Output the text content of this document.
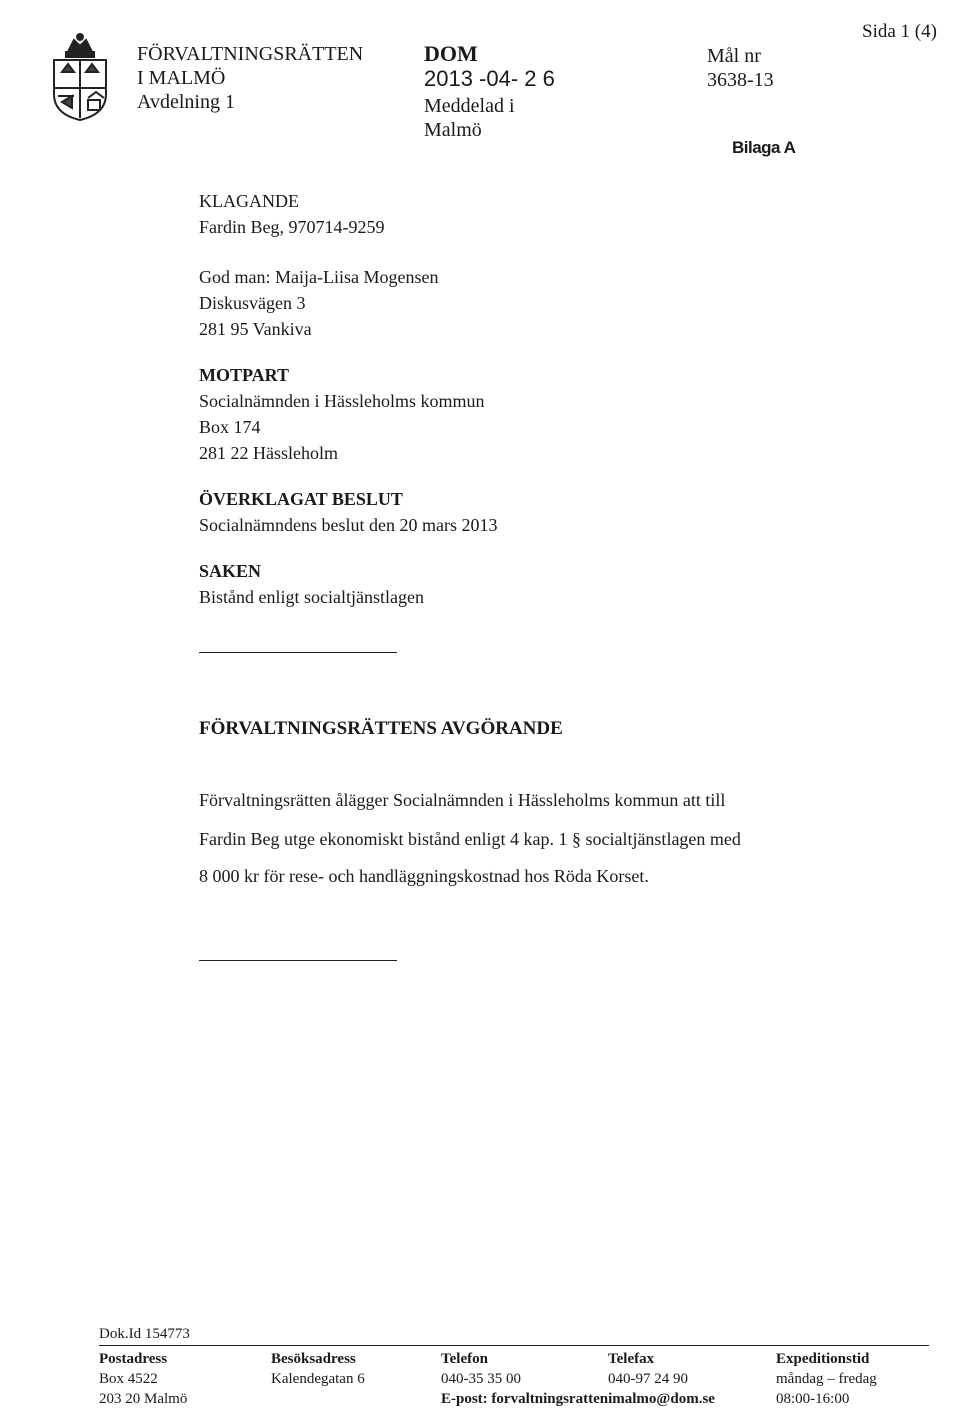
FÖRVALTNINGSRÄTTEN
I MALMÖ
Avdelning 1
DOM
2013 -04- 2 6
Meddelad i
Malmö
Mål nr
3638-13
Sida 1 (4)
Bilaga A
KLAGANDE
Fardin Beg, 970714-9259
God man: Maija-Liisa Mogensen
Diskusvägen 3
281 95 Vankiva
MOTPART
Socialnämnden i Hässleholms kommun
Box 174
281 22 Hässleholm
ÖVERKLAGAT BESLUT
Socialnämndens beslut den 20 mars 2013
SAKEN
Bistånd enligt socialtjänstlagen
FÖRVALTNINGSRÄTTENS AVGÖRANDE
Förvaltningsrätten ålägger Socialnämnden i Hässleholms kommun att till
Fardin Beg utge ekonomiskt bistånd enligt 4 kap. 1 § socialtjänstlagen med
8 000 kr för rese- och handläggningskostnad hos Röda Korset.
Dok.Id 154773
Postadress
Box 4522
203 20 Malmö
Besöksadress
Kalendegatan 6
Telefon
040-35 35 00
E-post: forvaltningsrattenimalmo@dom.se
Telefax
040-97 24 90
Expeditionstid
måndag – fredag
08:00-16:00
